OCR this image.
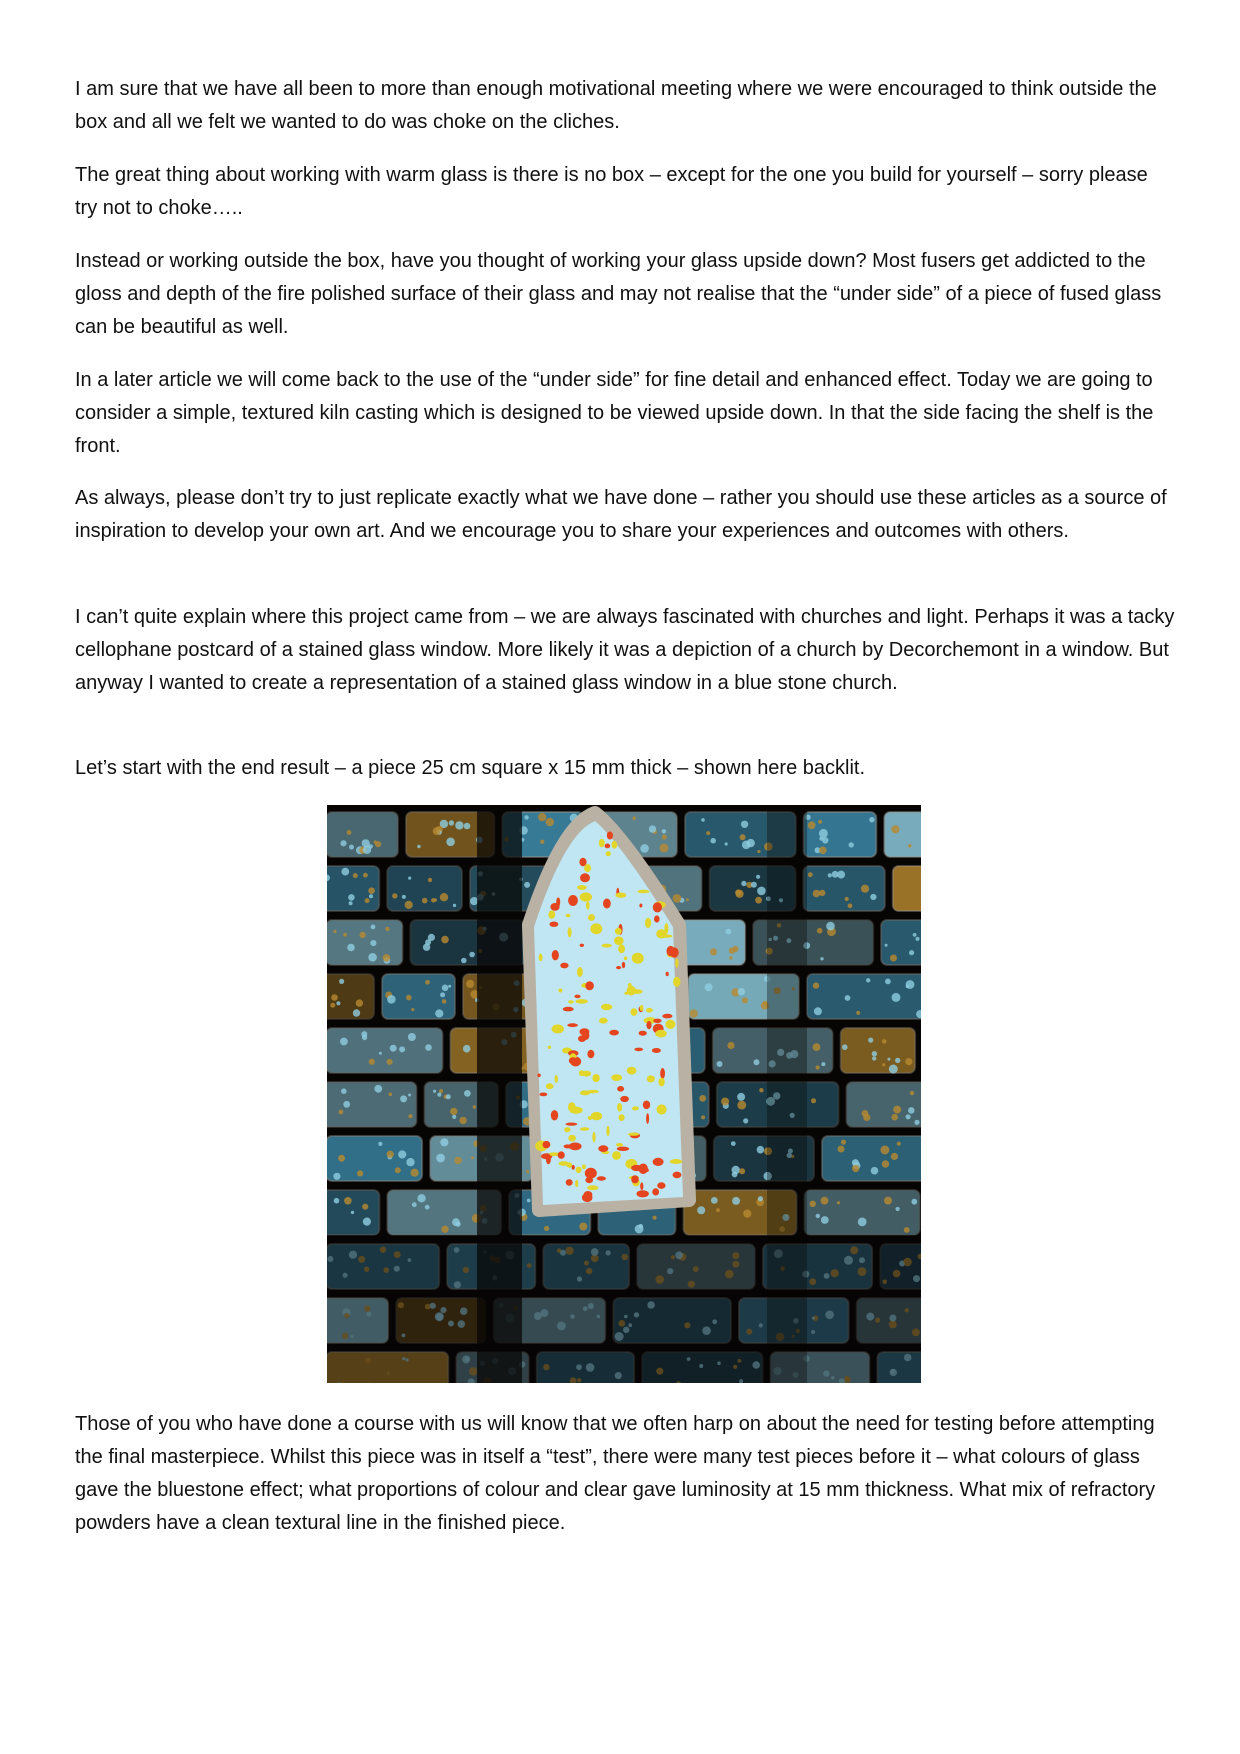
I am sure that we have all been to more than enough motivational meeting where we were encouraged to think outside the box and all we felt we wanted to do was choke on the cliches.

The great thing about working with warm glass is there is no box – except for the one you build for yourself – sorry please try not to choke…..

Instead or working outside the box, have you thought of working your glass upside down? Most fusers get addicted to the gloss and depth of the fire polished surface of their glass and may not realise that the “under side” of a piece of fused glass can be beautiful as well.

In a later article we will come back to the use of the “under side” for fine detail and enhanced effect. Today we are going to consider a simple, textured kiln casting which is designed to be viewed upside down. In that the side facing the shelf is the front.

As always, please don’t try to just replicate exactly what we have done – rather you should use these articles as a source of inspiration to develop your own art. And we encourage you to share your experiences and outcomes with others.

I can’t quite explain where this project came from – we are always fascinated with churches and light. Perhaps it was a tacky cellophane postcard of a stained glass window. More likely it was a depiction of a church by Decorchemont in a window. But anyway I wanted to create a representation of a stained glass window in a blue stone church.

Let’s start with the end result – a piece 25 cm square x 15 mm thick – shown here backlit.

Those of you who have done a course with us will know that we often harp on about the need for testing before attempting the final masterpiece. Whilst this piece was in itself a “test”, there were many test pieces before it – what colours of glass gave the bluestone effect; what proportions of colour and clear gave luminosity at 15 mm thickness. What mix of refractory powders have a clean textural line in the finished piece.
